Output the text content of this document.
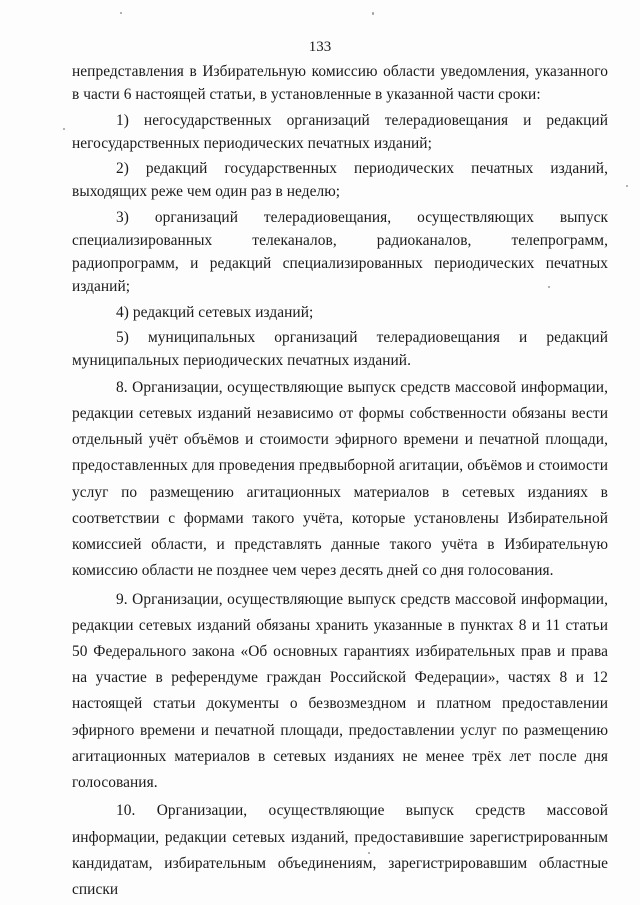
133

непредставления в Избирательную комиссию области уведомления, указанного в части 6 настоящей статьи, в установленные в указанной части сроки:

1) негосударственных организаций телерадиовещания и редакций негосударственных периодических печатных изданий;

2) редакций государственных периодических печатных изданий, выходящих реже чем один раз в неделю;

3) организаций телерадиовещания, осуществляющих выпуск специализированных телеканалов, радиоканалов, телепрограмм, радиопрограмм, и редакций специализированных периодических печатных изданий;

4) редакций сетевых изданий;

5) муниципальных организаций телерадиовещания и редакций муниципальных периодических печатных изданий.

8. Организации, осуществляющие выпуск средств массовой информации, редакции сетевых изданий независимо от формы собственности обязаны вести отдельный учёт объёмов и стоимости эфирного времени и печатной площади, предоставленных для проведения предвыборной агитации, объёмов и стоимости услуг по размещению агитационных материалов в сетевых изданиях в соответствии с формами такого учёта, которые установлены Избирательной комиссией области, и представлять данные такого учёта в Избирательную комиссию области не позднее чем через десять дней со дня голосования.

9. Организации, осуществляющие выпуск средств массовой информации, редакции сетевых изданий обязаны хранить указанные в пунктах 8 и 11 статьи 50 Федерального закона «Об основных гарантиях избирательных прав и права на участие в референдуме граждан Российской Федерации», частях 8 и 12 настоящей статьи документы о безвозмездном и платном предоставлении эфирного времени и печатной площади, предоставлении услуг по размещению агитационных материалов в сетевых изданиях не менее трёх лет после дня голосования.

10. Организации, осуществляющие выпуск средств массовой информации, редакции сетевых изданий, предоставившие зарегистрированным кандидатам, избирательным объединениям, зарегистрировавшим областные списки
